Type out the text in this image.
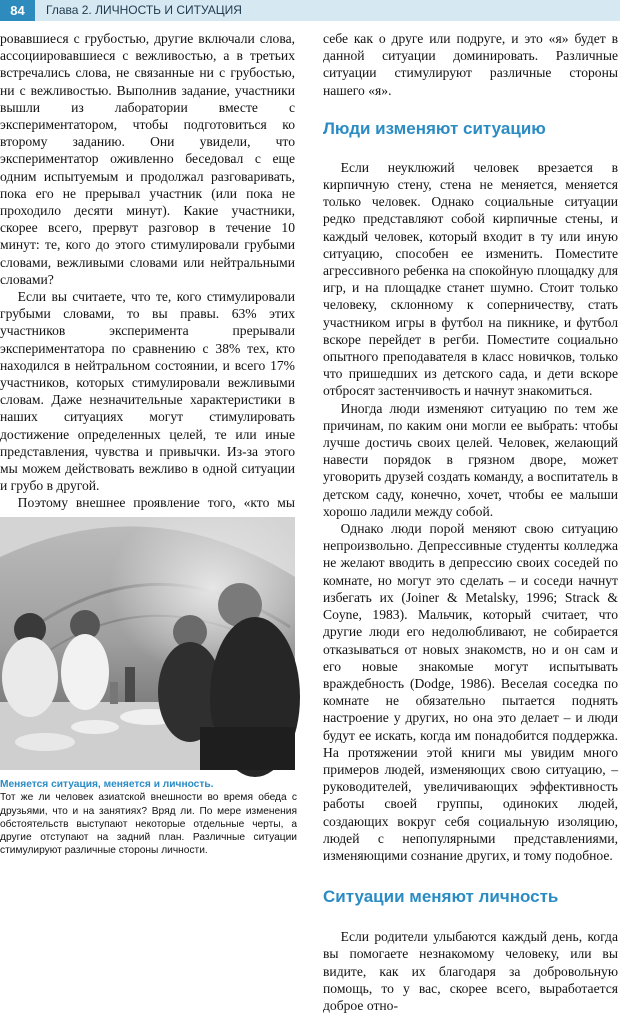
84	Глава 2. ЛИЧНОСТЬ И СИТУАЦИЯ

ровавшиеся с грубостью, другие включали слова, ассоциировавшиеся с вежливостью, а в третьих встречались слова, не связанные ни с грубостью, ни с вежливостью. Выполнив задание, участники вышли из лаборатории вместе с экспериментатором, чтобы подготовиться ко второму заданию. Они увидели, что экспериментатор оживленно беседовал с еще одним испытуемым и продолжал разговаривать, пока его не прерывал участник (или пока не проходило десяти минут). Какие участники, скорее всего, прервут разговор в течение 10 минут: те, кого до этого стимулировали грубыми словами, вежливыми словами или нейтральными словами?

Если вы считаете, что те, кого стимулировали грубыми словами, то вы правы. 63% этих участников эксперимента прерывали экспериментатора по сравнению с 38% тех, кто находился в нейтральном состоянии, и всего 17% участников, которых стимулировали вежливыми словам. Даже незначительные характеристики в наших ситуациях могут стимулировать достижение определенных целей, те или иные представления, чувства и привычки. Из-за этого мы можем действовать вежливо в одной ситуации и грубо в другой.

Поэтому внешнее проявление того, «кто мы

Меняется ситуация, меняется и личность.
Тот же ли человек азиатской внешности во время обеда с друзьями, что и на занятиях? Вряд ли. По мере изменения обстоятельств выступают некоторые отдельные черты, а другие отступают на задний план. Различные ситуации стимулируют различные стороны личности.

себе как о друге или подруге, и это «я» будет в данной ситуации доминировать. Различные ситуации стимулируют различные стороны нашего «я».

Люди изменяют ситуацию

Если неуклюжий человек врезается в кирпичную стену, стена не меняется, меняется только человек. Однако социальные ситуации редко представляют собой кирпичные стены, и каждый человек, который входит в ту или иную ситуацию, способен ее изменить. Поместите агрессивного ребенка на спокойную площадку для игр, и на площадке станет шумно. Стоит только человеку, склонному к соперничеству, стать участником игры в футбол на пикнике, и футбол вскоре перейдет в регби. Поместите социально опытного преподавателя в класс новичков, только что пришедших из детского сада, и дети вскоре отбросят застенчивость и начнут знакомиться.

Иногда люди изменяют ситуацию по тем же причинам, по каким они могли ее выбрать: чтобы лучше достичь своих целей. Человек, желающий навести порядок в грязном дворе, может уговорить друзей создать команду, а воспитатель в детском саду, конечно, хочет, чтобы ее малыши хорошо ладили между собой.

Однако люди порой меняют свою ситуацию непроизвольно. Депрессивные студенты колледжа не желают вводить в депрессию своих соседей по комнате, но могут это сделать – и соседи начнут избегать их (Joiner & Metalsky, 1996; Strack & Coyne, 1983). Мальчик, который считает, что другие люди его недолюбливают, не собирается отказываться от новых знакомств, но и он сам и его новые знакомые могут испытывать враждебность (Dodge, 1986). Веселая соседка по комнате не обязательно пытается поднять настроение у других, но она это делает – и люди будут ее искать, когда им понадобится поддержка. На протяжении этой книги мы увидим много примеров людей, изменяющих свою ситуацию, – руководителей, увеличивающих эффективность работы своей группы, одиноких людей, создающих вокруг себя социальную изоляцию, людей с непопулярными представлениями, изменяющими сознание других, и тому подобное.

Ситуации меняют личность

Если родители улыбаются каждый день, когда вы помогаете незнакомому человеку, или вы видите, как их благодаря за добровольную помощь, то у вас, скорее всего, выработается доброе отно-
